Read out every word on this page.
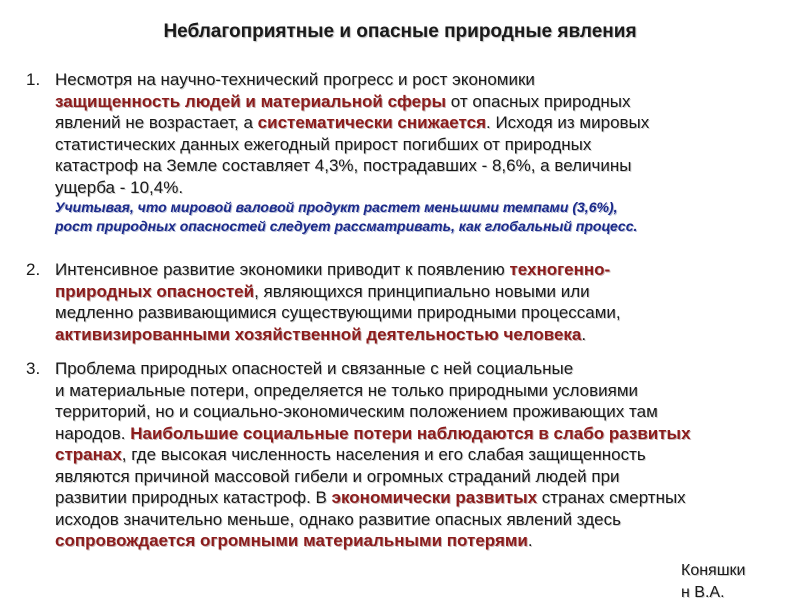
Неблагоприятные и опасные природные явления
1. Несмотря на научно-технический прогресс и рост экономики
защищенность людей и материальной сферы от опасных природных
явлений не возрастает, а систематически снижается. Исходя из мировых
статистических данных ежегодный прирост погибших от природных
катастроф на Земле составляет 4,3%, пострадавших - 8,6%, а величины
ущерба - 10,4%.
Учитывая, что мировой валовой продукт растет меньшими темпами (3,6%),
рост природных опасностей следует рассматривать, как глобальный процесс.
2. Интенсивное развитие экономики приводит к появлению техногенно-
природных опасностей, являющихся принципиально новыми или
медленно развивающимися существующими природными процессами,
активизированными хозяйственной деятельностью человека.
3. Проблема природных опасностей и связанные с ней социальные
и материальные потери, определяется не только природными условиями
территорий, но и социально-экономическим положением проживающих там
народов. Наибольшие социальные потери наблюдаются в слабо развитых
странах, где высокая численность населения и его слабая защищенность
являются причиной массовой гибели и огромных страданий людей при
развитии природных катастроф. В экономически развитых странах смертных
исходов значительно меньше, однако развитие опасных явлений здесь
сопровождается огромными материальными потерями.
Коняшки
н В.А.
